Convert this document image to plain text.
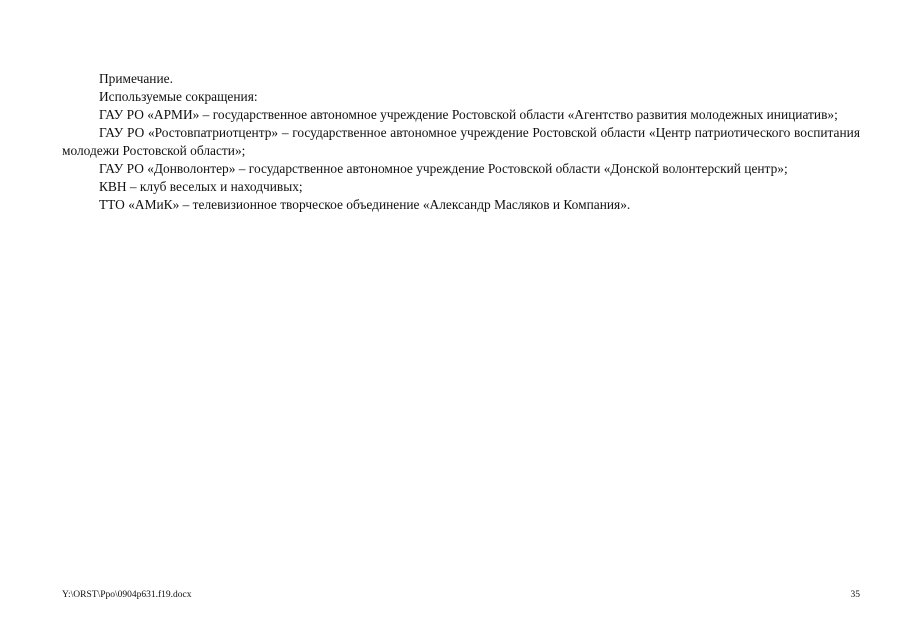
Примечание.

Используемые сокращения:

ГАУ РО «АРМИ» – государственное автономное учреждение Ростовской области «Агентство развития молодежных инициатив»;

ГАУ РО «Ростовпатриотцентр» – государственное автономное учреждение Ростовской области «Центр патриотического воспитания молодежи Ростовской области»;

ГАУ РО «Донволонтер» – государственное автономное учреждение Ростовской области «Донской волонтерский центр»;

КВН – клуб веселых и находчивых;

ТТО «АМиК» – телевизионное творческое объединение «Александр Масляков и Компания».

Y:\ORST\Ppo\0904p631.f19.docx	35
